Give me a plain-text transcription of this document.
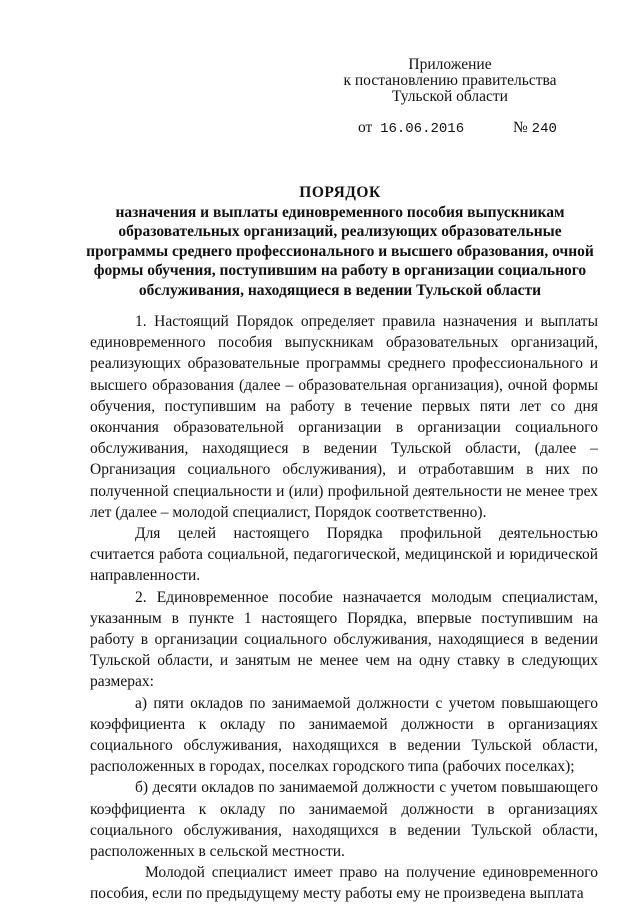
Приложение
к постановлению правительства
Тульской области
от 16.06.2016	№ 240
ПОРЯДОК
назначения и выплаты единовременного пособия выпускникам образовательных организаций, реализующих образовательные программы среднего профессионального и высшего образования, очной формы обучения, поступившим на работу в организации социального обслуживания, находящиеся в ведении Тульской области

1. Настоящий Порядок определяет правила назначения и выплаты единовременного пособия выпускникам образовательных организаций, реализующих образовательные программы среднего профессионального и высшего образования (далее – образовательная организация), очной формы обучения, поступившим на работу в течение первых пяти лет со дня окончания образовательной организации в организации социального обслуживания, находящиеся в ведении Тульской области, (далее – Организация социального обслуживания), и отработавшим в них по полученной специальности и (или) профильной деятельности не менее трех лет (далее – молодой специалист, Порядок соответственно).

Для целей настоящего Порядка профильной деятельностью считается работа социальной, педагогической, медицинской и юридической направленности.

2. Единовременное пособие назначается молодым специалистам, указанным в пункте 1 настоящего Порядка, впервые поступившим на работу в организации социального обслуживания, находящиеся в ведении Тульской области, и занятым не менее чем на одну ставку в следующих размерах:

а) пяти окладов по занимаемой должности с учетом повышающего коэффициента к окладу по занимаемой должности в организациях социального обслуживания, находящихся в ведении Тульской области, расположенных в городах, поселках городского типа (рабочих поселках);

б) десяти окладов по занимаемой должности с учетом повышающего коэффициента к окладу по занимаемой должности в организациях социального обслуживания, находящихся в ведении Тульской области, расположенных в сельской местности.

Молодой специалист имеет право на получение единовременного пособия, если по предыдущему месту работы ему не произведена выплата
